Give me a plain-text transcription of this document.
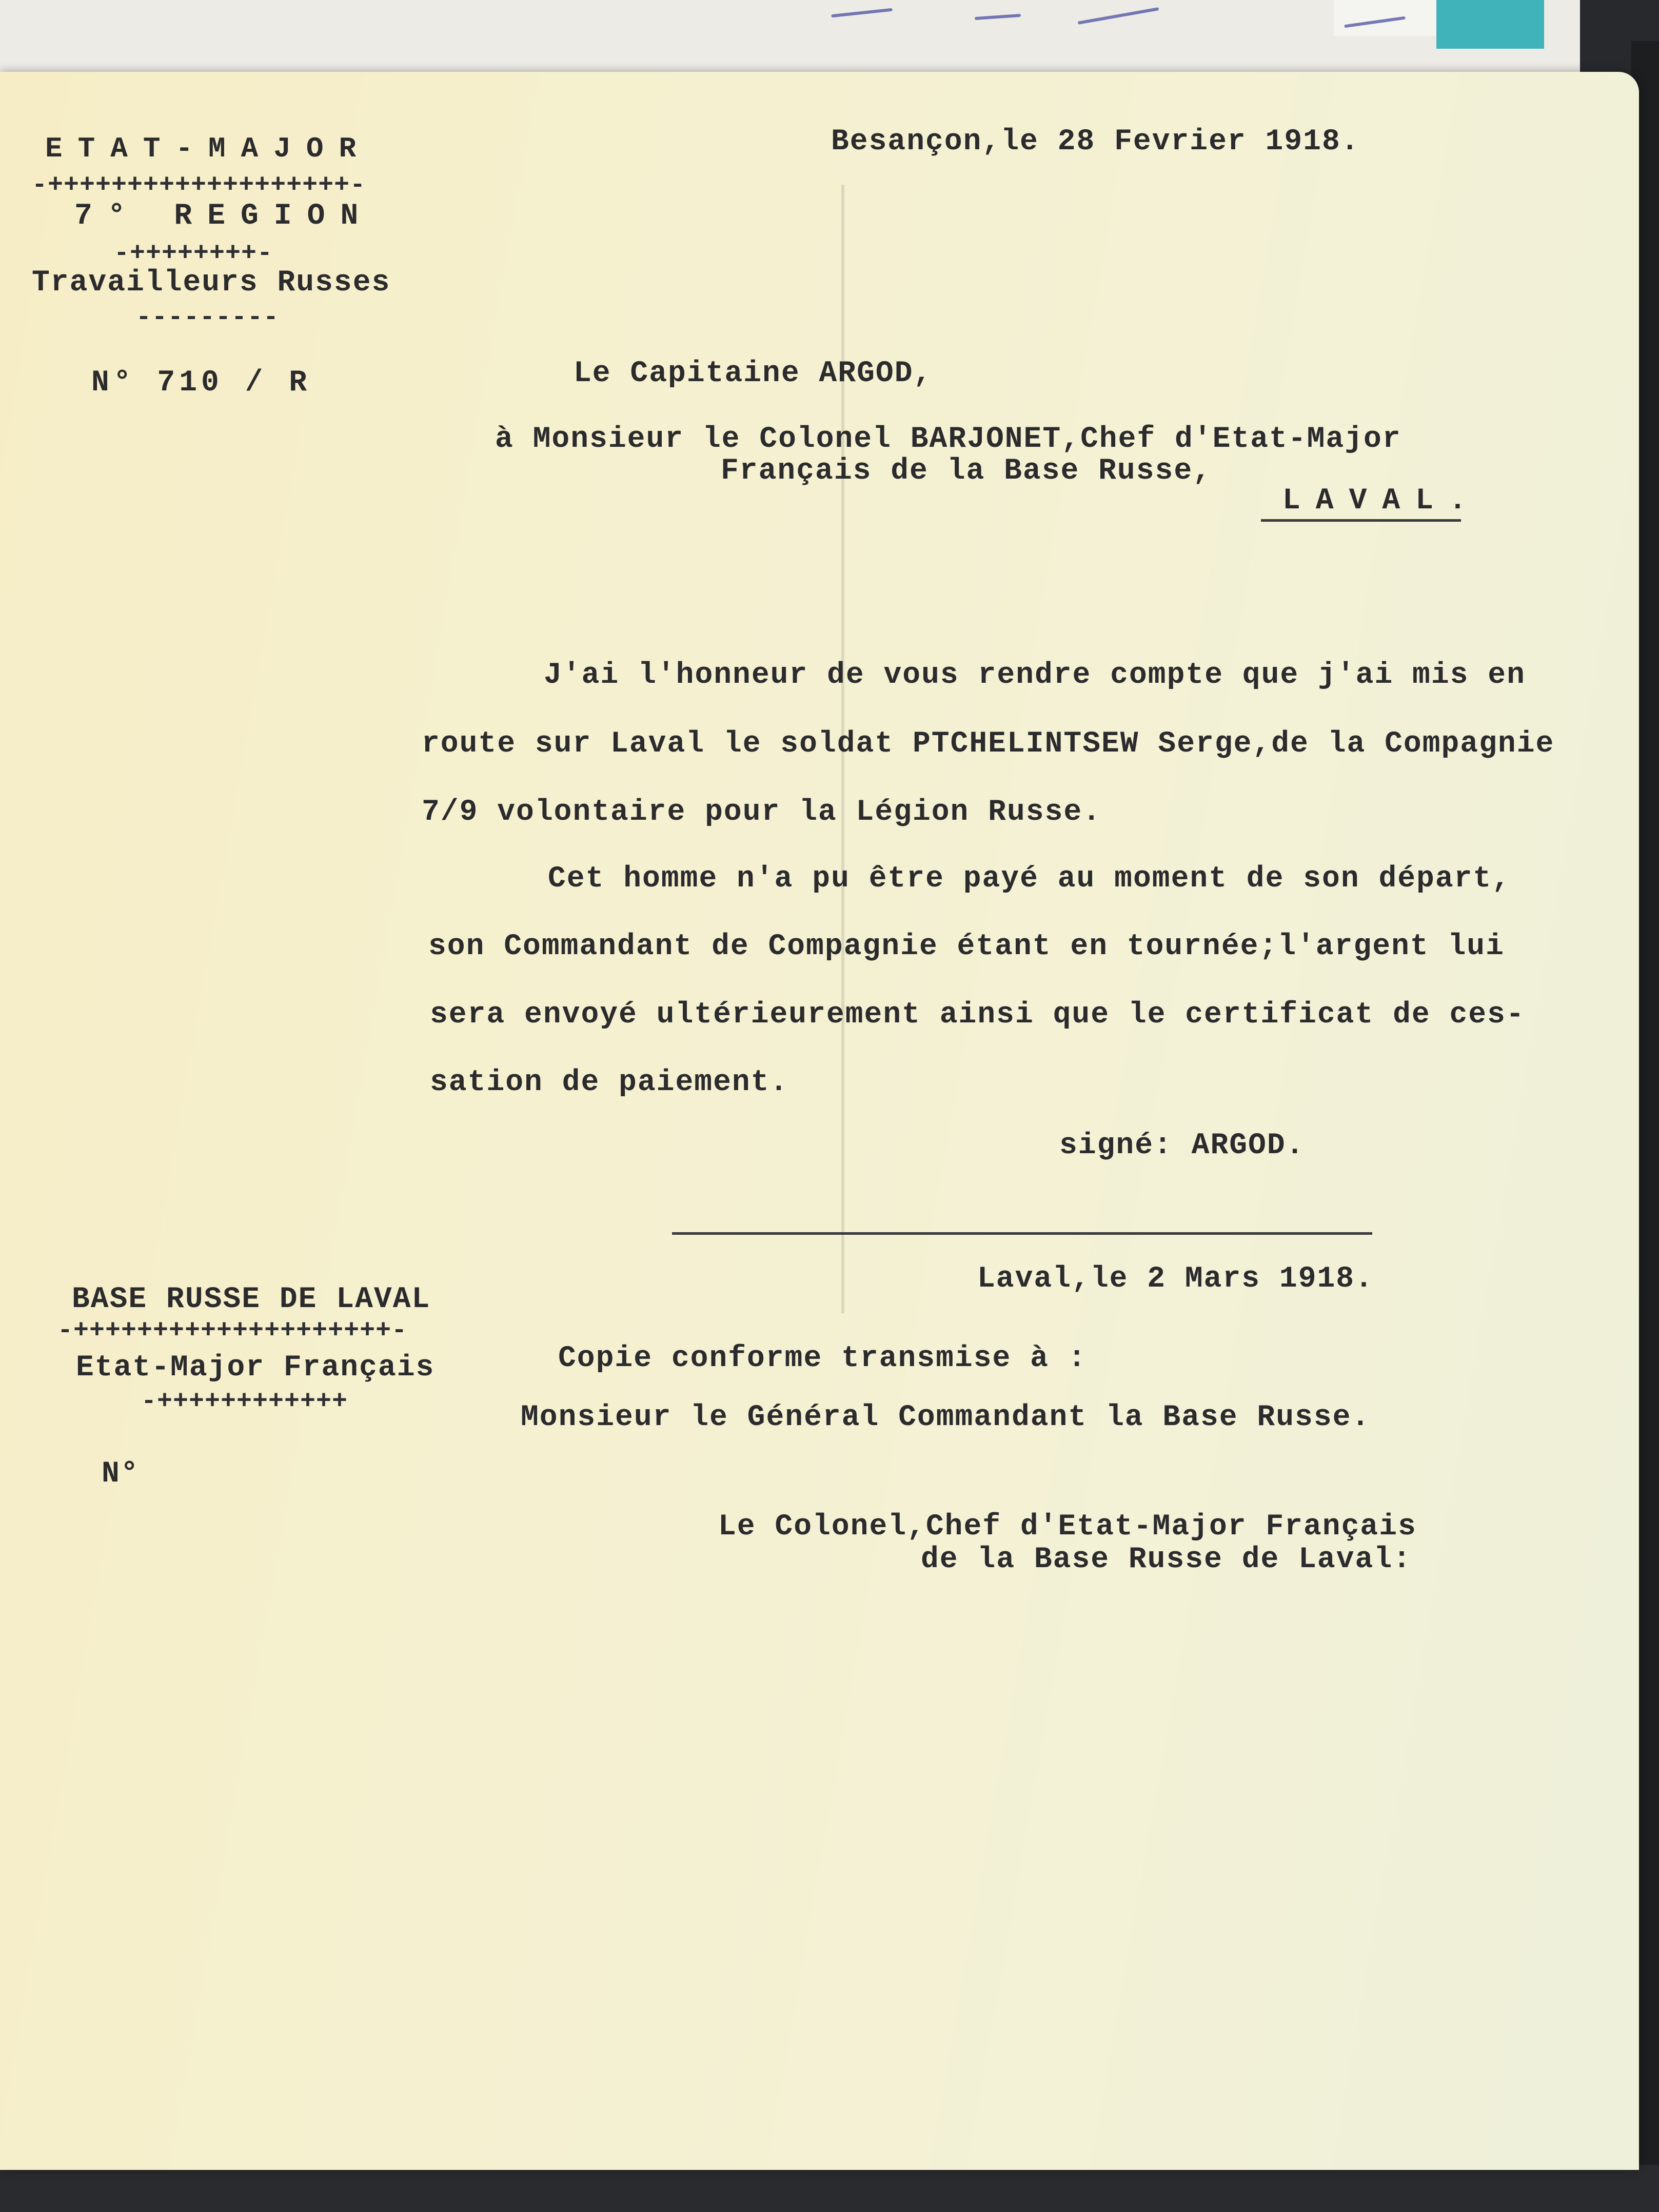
ETAT-MAJOR
-+++++++++++++++++++-
7° REGION
-++++++++-
Travailleurs Russes
---------
N° 710 / R
Besançon,le 28 Fevrier 1918.
Le Capitaine ARGOD,
à Monsieur le Colonel BARJONET,Chef d'Etat-Major
Français de la Base Russe,
LAVAL.
J'ai l'honneur de vous rendre compte que j'ai mis en
route sur Laval le soldat PTCHELINTSEW Serge,de la Compagnie
7/9 volontaire pour la Légion Russe.
Cet homme n'a pu être payé au moment de son départ,
son Commandant de Compagnie étant en tournée;l'argent lui
sera envoyé ultérieurement ainsi que le certificat de ces-
sation de paiement.
signé: ARGOD.
BASE RUSSE DE LAVAL
-++++++++++++++++++++-
Etat-Major Français
-++++++++++++
N°
Laval,le 2 Mars 1918.
Copie conforme transmise à :
Monsieur le Général Commandant la Base Russe.
Le Colonel,Chef d'Etat-Major Français
de la Base Russe de Laval:
